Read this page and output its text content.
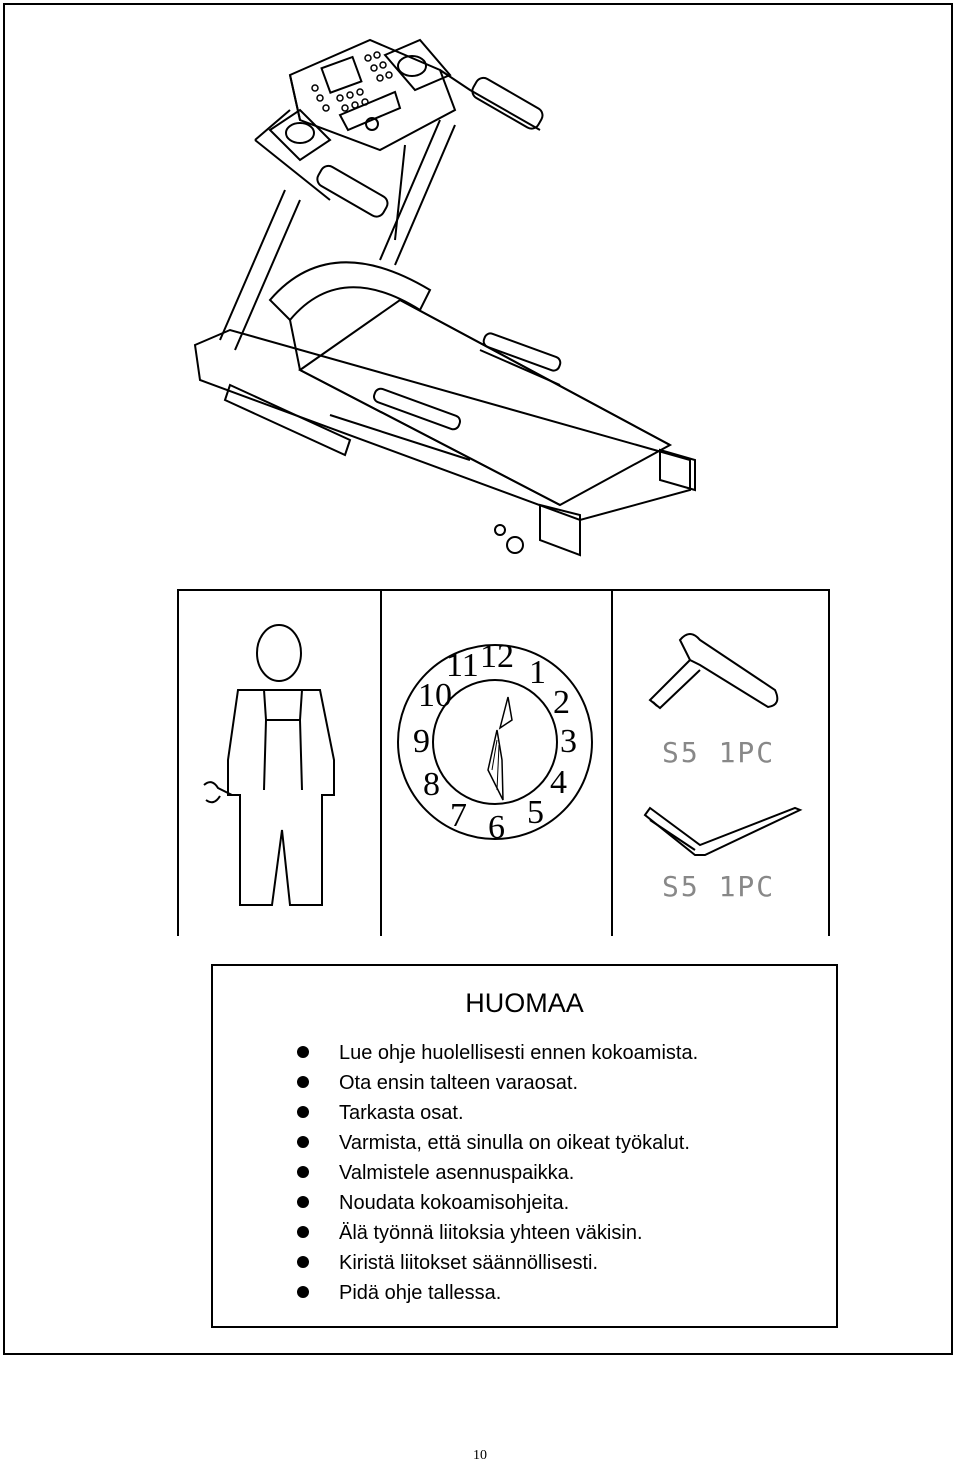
12 1
2
3
4
5
6
7
8
9
10
11
S5 1PC
S5 1PC
HUOMAA
Lue ohje huolellisesti ennen kokoamista.
Ota ensin talteen varaosat.
Tarkasta osat.
Varmista, että sinulla on oikeat työkalut.
Valmistele asennuspaikka.
Noudata kokoamisohjeita.
Älä työnnä liitoksia yhteen väkisin.
Kiristä liitokset säännöllisesti.
Pidä ohje tallessa.
10
